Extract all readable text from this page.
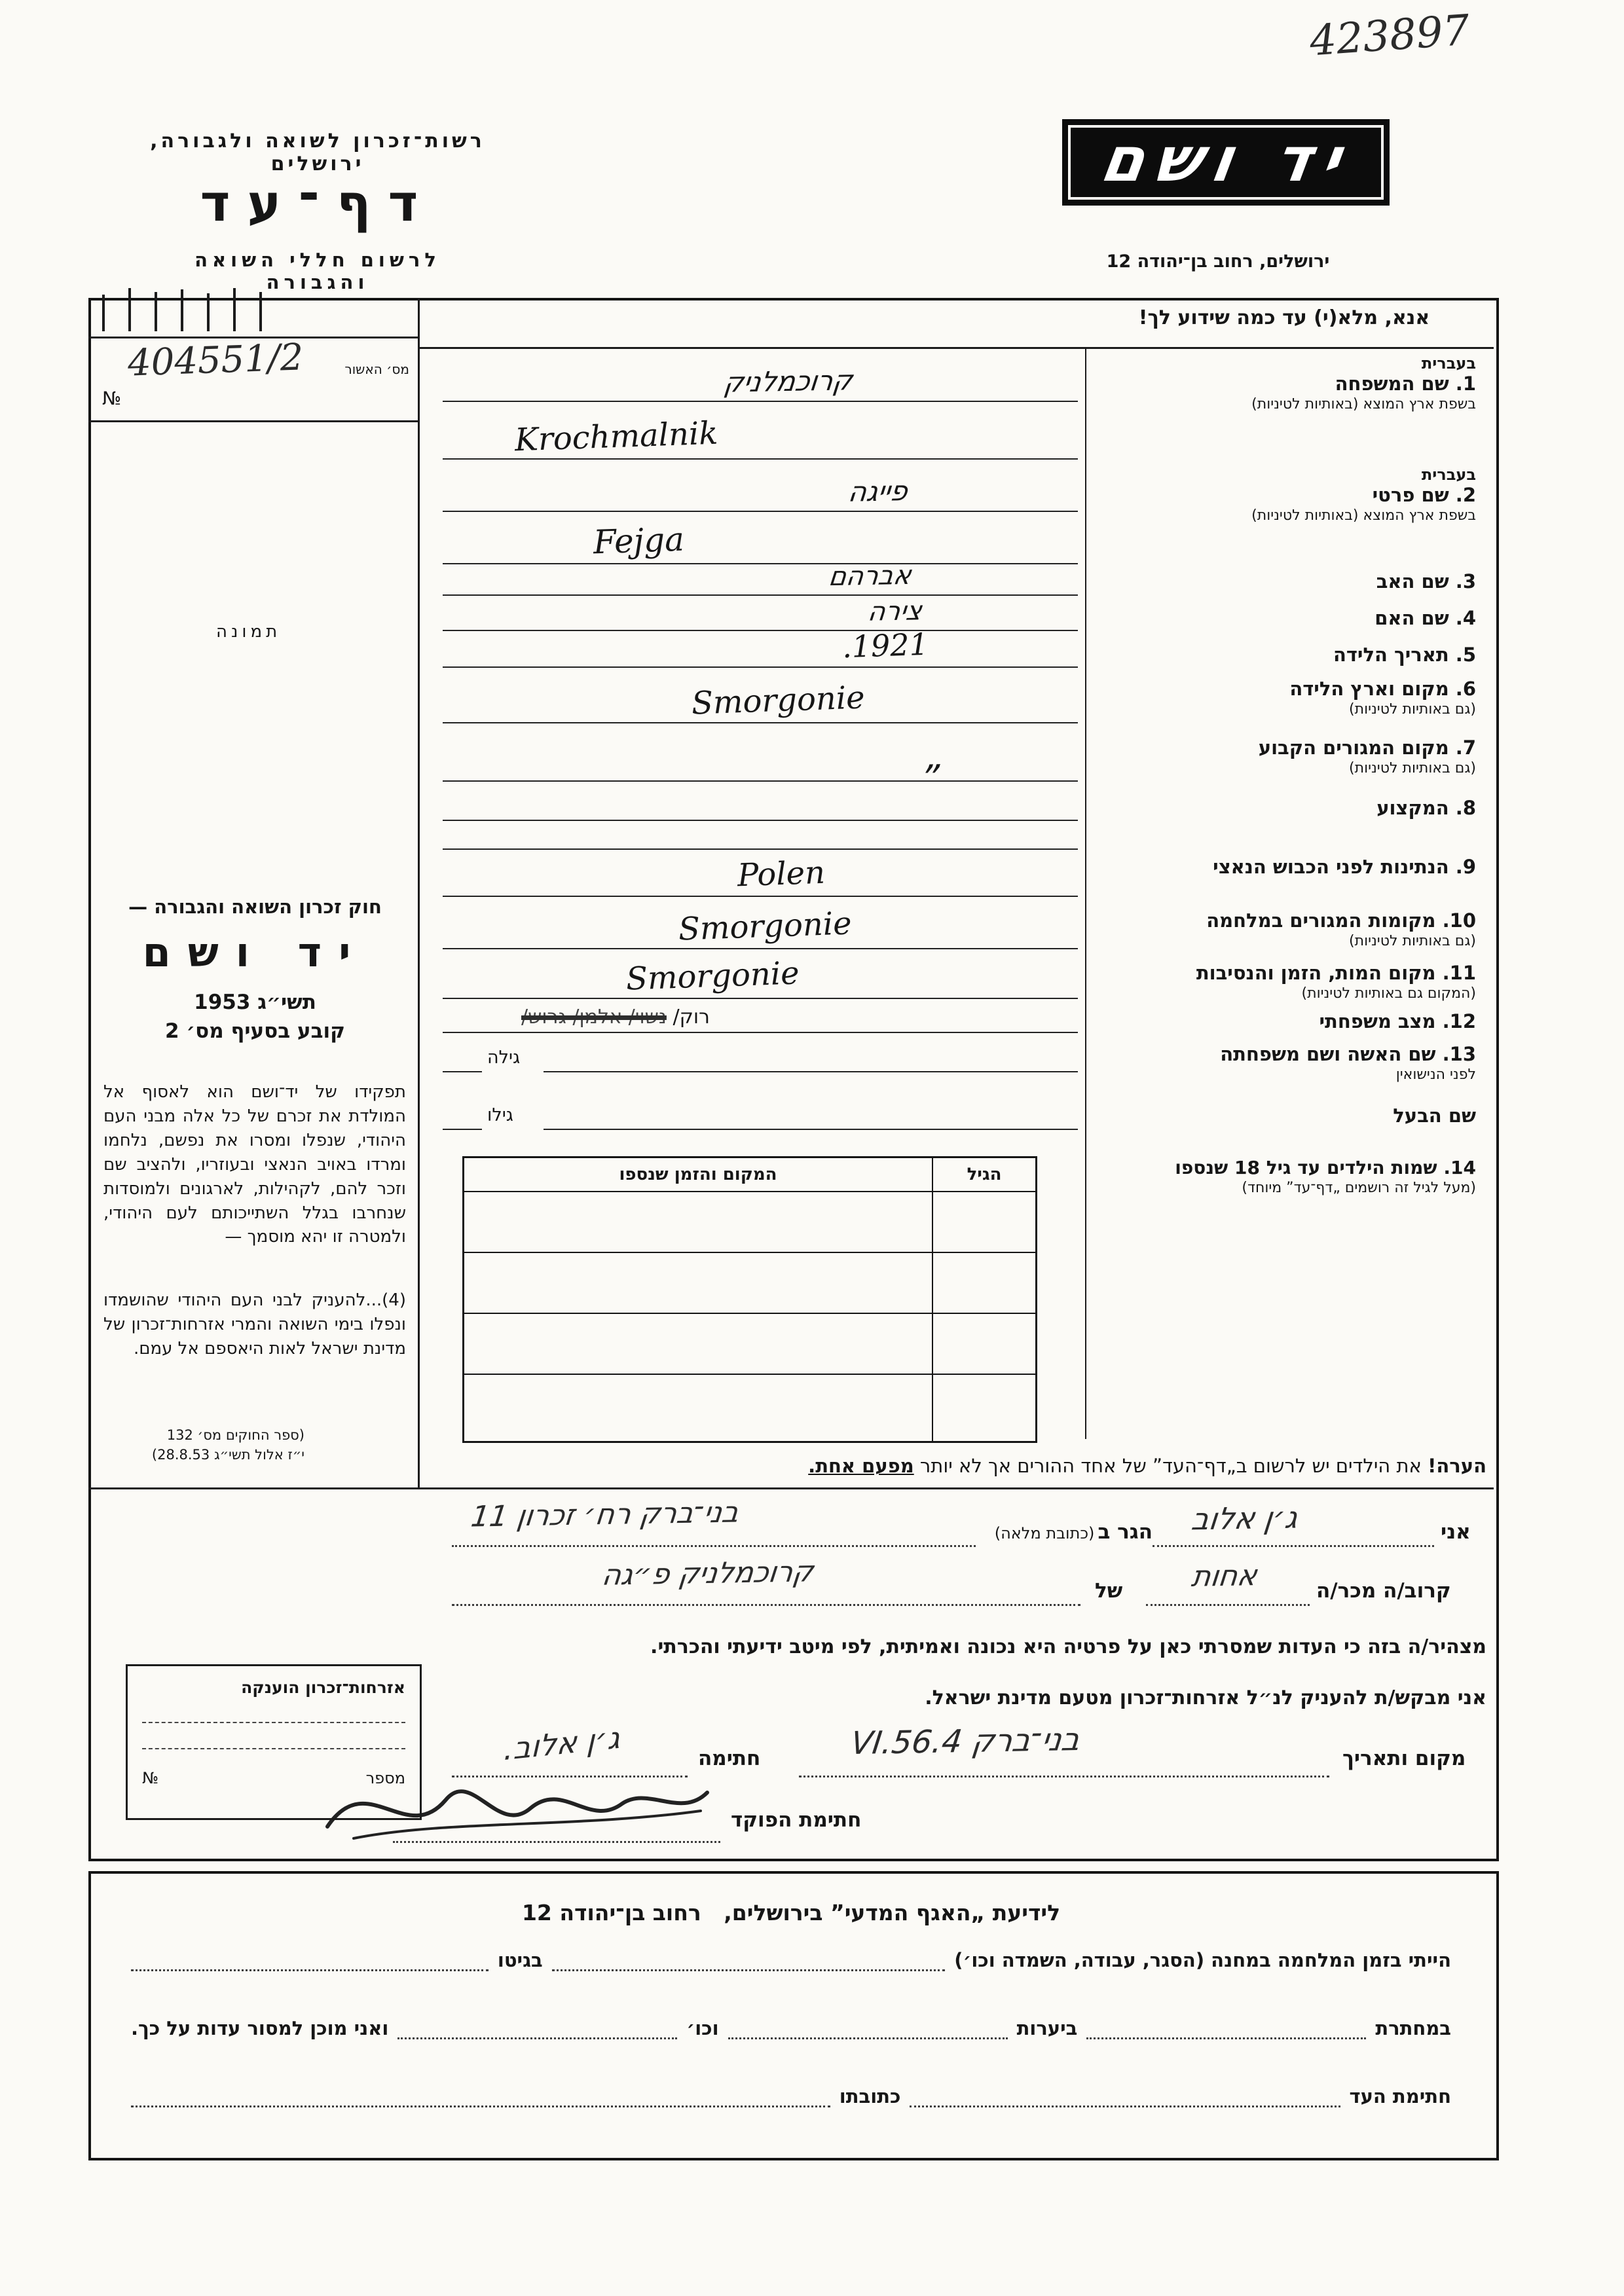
423897
רשות־זכרון לשואה ולגבורה, ירושלים
דף־עד
לרשום חללי השואה והגבורה
יד ושם
ירושלים, רחוב בן־יהודה 12
אנא, מלא(י) עד כמה שידוע לך!
404551/2	מס׳ האשור
№
תמונה
חוק זכרון השואה והגבורה —
יד ושם
תשי״ג 1953
קובע בסעיף מס׳ 2
תפקידו של יד־ושם הוא לאסוף אל המולדת את זכרם של כל אלה מבני העם היהודי, שנפלו ומסרו את נפשם, נלחמו ומרדו באויב הנאצי ובעוזריו, ולהציב שם וזכר להם, לקהילות, לארגונים ולמוסדות שנחרבו בגלל השתייכותם לעם היהודי, ולמטרה זו יהא מוסמך —
(4)...להעניק לבני העם היהודי שהושמדו ונפלו בימי השואה והמרי אזרחות־זכרון של מדינת ישראל לאות היאספם אל עמם.
(ספר החוקים מס׳ 132
י״ז אלול תשי״ג 28.8.53)
בעברית
1. שם המשפחה
בשפת ארץ המוצא (באותיות לטיניות)
בעברית
2. שם פרטי
בשפת ארץ המוצא (באותיות לטיניות)
3. שם האב
4. שם האם
5. תאריך הלידה
6. מקום וארץ הלידה
(גם באותיות לטיניות)
7. מקום המגורים הקבוע
(גם באותיות לטיניות)
8. המקצוע
9. הנתינות לפני הכבוש הנאצי
10. מקומות המגורים במלחמה
(גם באותיות לטיניות)
11. מקום המות, הזמן והנסיבות
(המקום גם באותיות לטיניות)
12. מצב משפחתי
13. שם האשה ושם משפחתה
לפני הנישואין
שם הבעל
14. שמות הילדים עד גיל 18 שנספו
(מעל לגיל זה רושמים „דף־עד” מיוחד)
קרוכמלניק
Krochmalnik
פייגה
Fejga
אברהם
צירה
1921.
Smorgonie
„
Polen
Smorgonie
Smorgonie
רוק/ נשוי/ אלמן/ גרוש/
גילה
גילו
הגיל
המקום והזמן שנספו
הערה! את הילדים יש לרשום ב„דף־העד” של אחד ההורים אך לא יותר מפעם אחת.
אני
ג׳ן אלוב
הגר ב (כתובת מלאה)
בני־ברק רח׳ זכרון 11
קרוב/ה מכר/ה
אחות
של
קרוכמלניק פ״גה
מצהיר/ה בזה כי העדות שמסרתי כאן על פרטיה היא נכונה ואמיתית, לפי מיטב ידיעתי והכרתי.
אני מבקש/ת להעניק לנ״ל אזרחות־זכרון מטעם מדינת ישראל.
מקום ותאריך
בני־ברק 4.VI.56
חתימה
ג׳ן אלוב.
חתימת הפוקד
אזרחות־זכרון הוענקה
מספר
№
לידיעת „האגף המדעי” בירושלים,   רחוב בן־יהודה 12
הייתי בזמן המלחמה במחנה (הסגר, עבודה, השמדה וכו׳)
בגיטו
במחתרת
ביערות
וכו׳
ואני מוכן למסור עדות על כך.
חתימת העד
כתובתו
